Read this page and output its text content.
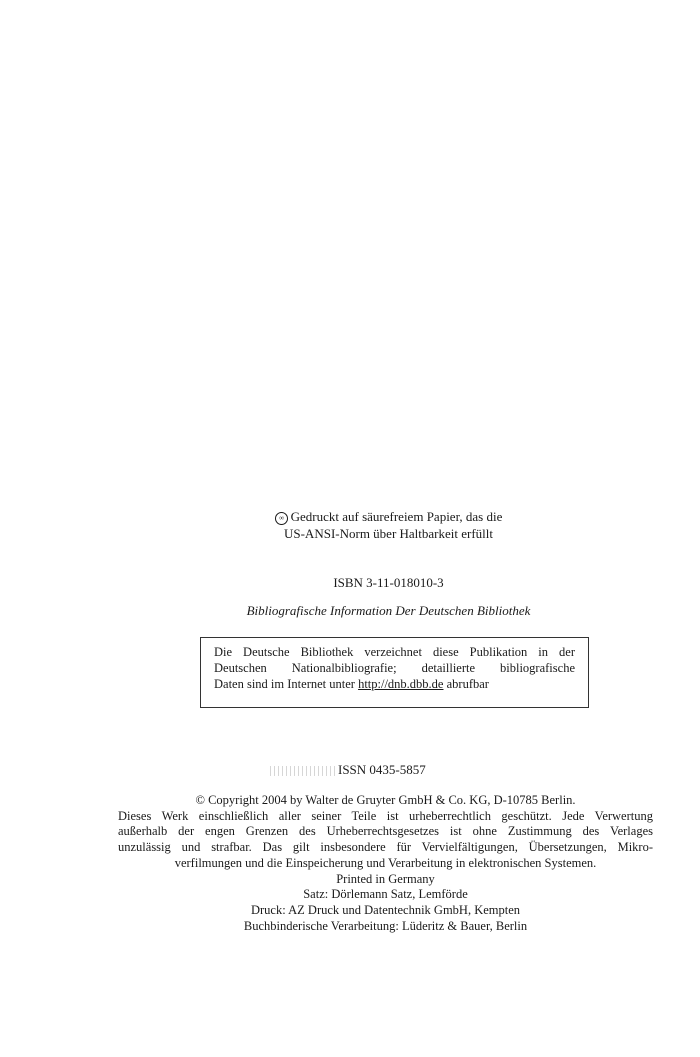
∞ Gedruckt auf säurefreiem Papier, das die
US-ANSI-Norm über Haltbarkeit erfüllt
ISBN 3-11-018010-3
Bibliografische Information Der Deutschen Bibliothek
Die Deutsche Bibliothek verzeichnet diese Publikation in der
Deutschen Nationalbibliografie; detaillierte bibliografische
Daten sind im Internet unter http://dnb.dbb.de abrufbar
ISSN 0435-5857
© Copyright 2004 by Walter de Gruyter GmbH & Co. KG, D-10785 Berlin.
Dieses Werk einschließlich aller seiner Teile ist urheberrechtlich geschützt. Jede Verwertung
außerhalb der engen Grenzen des Urheberrechtsgesetzes ist ohne Zustimmung des Verlages
unzulässig und strafbar. Das gilt insbesondere für Vervielfältigungen, Übersetzungen, Mikro-
verfilmungen und die Einspeicherung und Verarbeitung in elektronischen Systemen.
Printed in Germany
Satz: Dörlemann Satz, Lemförde
Druck: AZ Druck und Datentechnik GmbH, Kempten
Buchbinderische Verarbeitung: Lüderitz & Bauer, Berlin
